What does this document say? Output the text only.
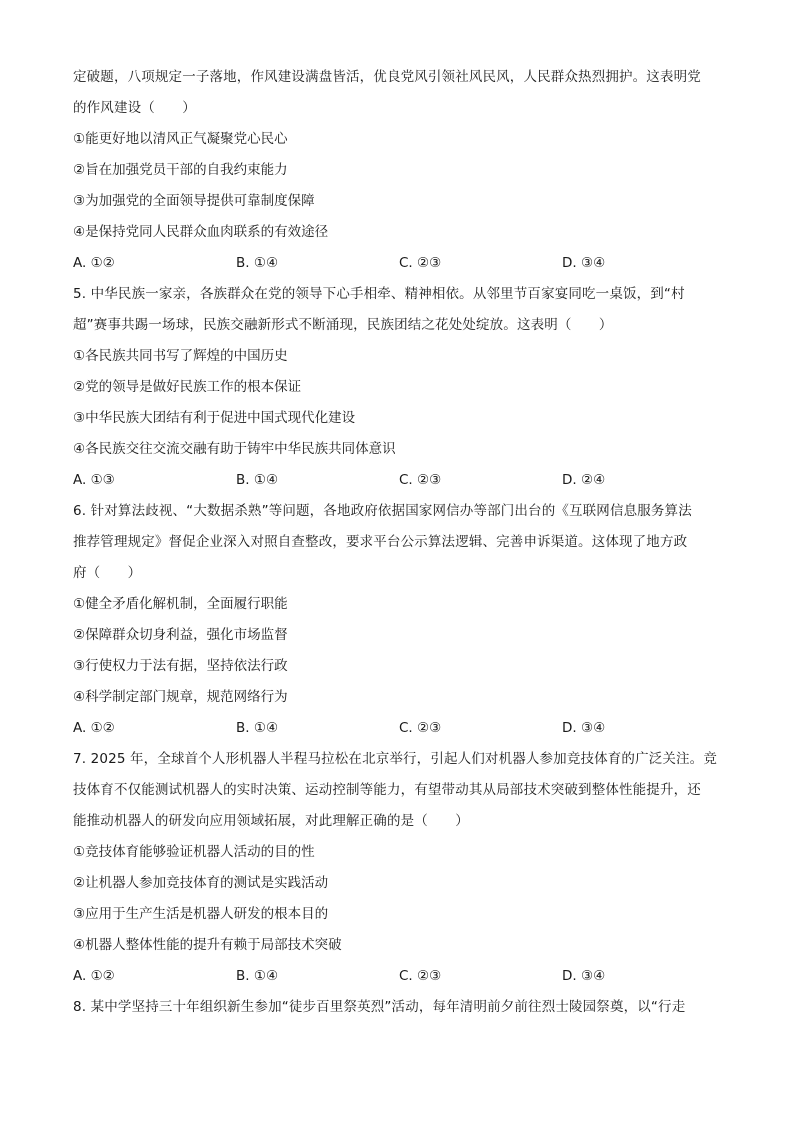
定破题，八项规定一子落地，作风建设满盘皆活，优良党风引领社风民风，人民群众热烈拥护。这表明党
的作风建设（　　）
①能更好地以清风正气凝聚党心民心
②旨在加强党员干部的自我约束能力
③为加强党的全面领导提供可靠制度保障
④是保持党同人民群众血肉联系的有效途径
A. ①②	B. ①④	C. ②③	D. ③④
5. 中华民族一家亲，各族群众在党的领导下心手相牵、精神相依。从邻里节百家宴同吃一桌饭，到“村
超”赛事共踢一场球，民族交融新形式不断涌现，民族团结之花处处绽放。这表明（　　）
①各民族共同书写了辉煌的中国历史
②党的领导是做好民族工作的根本保证
③中华民族大团结有利于促进中国式现代化建设
④各民族交往交流交融有助于铸牢中华民族共同体意识
A. ①③	B. ①④	C. ②③	D. ②④
6. 针对算法歧视、“大数据杀熟”等问题，各地政府依据国家网信办等部门出台的《互联网信息服务算法
推荐管理规定》督促企业深入对照自查整改，要求平台公示算法逻辑、完善申诉渠道。这体现了地方政
府（　　）
①健全矛盾化解机制，全面履行职能
②保障群众切身利益，强化市场监督
③行使权力于法有据，坚持依法行政
④科学制定部门规章，规范网络行为
A. ①②	B. ①④	C. ②③	D. ③④
7. 2025 年，全球首个人形机器人半程马拉松在北京举行，引起人们对机器人参加竞技体育的广泛关注。竞
技体育不仅能测试机器人的实时决策、运动控制等能力，有望带动其从局部技术突破到整体性能提升，还
能推动机器人的研发向应用领域拓展，对此理解正确的是（　　）
①竞技体育能够验证机器人活动的目的性
②让机器人参加竞技体育的测试是实践活动
③应用于生产生活是机器人研发的根本目的
④机器人整体性能的提升有赖于局部技术突破
A. ①②	B. ①④	C. ②③	D. ③④
8. 某中学坚持三十年组织新生参加“徒步百里祭英烈”活动，每年清明前夕前往烈士陵园祭奠，以“行走
